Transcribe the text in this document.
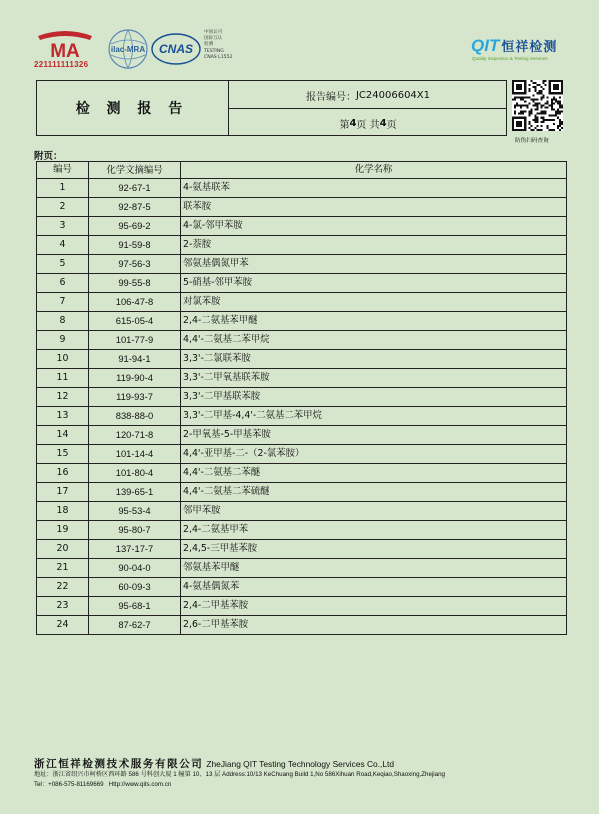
MA
221111111326
ilac-MRA CNAS
中国认可
国际互认
检测
TESTING
CNAS L1552
QIT 恒祥检测
Quality Inspection & Testing Services
检 测 报 告
报告编号： JC24006604X1
第 4 页 共 4 页
防伪扫码查询
附页：
编号	化学文摘编号	化学名称
1	92-67-1	4-氨基联苯
2	92-87-5	联苯胺
3	95-69-2	4-氯-邻甲苯胺
4	91-59-8	2-萘胺
5	97-56-3	邻氨基偶氮甲苯
6	99-55-8	5-硝基-邻甲苯胺
7	106-47-8	对氯苯胺
8	615-05-4	2,4-二氨基苯甲醚
9	101-77-9	4,4'-二氨基二苯甲烷
10	91-94-1	3,3'-二氯联苯胺
11	119-90-4	3,3'-二甲氧基联苯胺
12	119-93-7	3,3'-二甲基联苯胺
13	838-88-0	3,3'-二甲基-4,4'-二氨基二苯甲烷
14	120-71-8	2-甲氧基-5-甲基苯胺
15	101-14-4	4,4'-亚甲基-二-（2-氯苯胺）
16	101-80-4	4,4'-二氨基二苯醚
17	139-65-1	4,4'-二氨基二苯硫醚
18	95-53-4	邻甲苯胺
19	95-80-7	2,4-二氨基甲苯
20	137-17-7	2,4,5-三甲基苯胺
21	90-04-0	邻氨基苯甲醚
22	60-09-3	4-氨基偶氮苯
23	95-68-1	2,4-二甲基苯胺
24	87-62-7	2,6-二甲基苯胺
浙江恒祥检测技术服务有限公司 ZheJiang QIT Testing Technology Services Co.,Ltd
地址：浙江省绍兴市柯桥区西环路 586 号科创大厦 1 幢第 10、13 层 Address:10/13 KeChuang Build 1,No 586Xihuan Road,Keqiao,Shaoxing,Zhejiang
Tel：+086-575-81169669 Http://www.qits.com.cn
